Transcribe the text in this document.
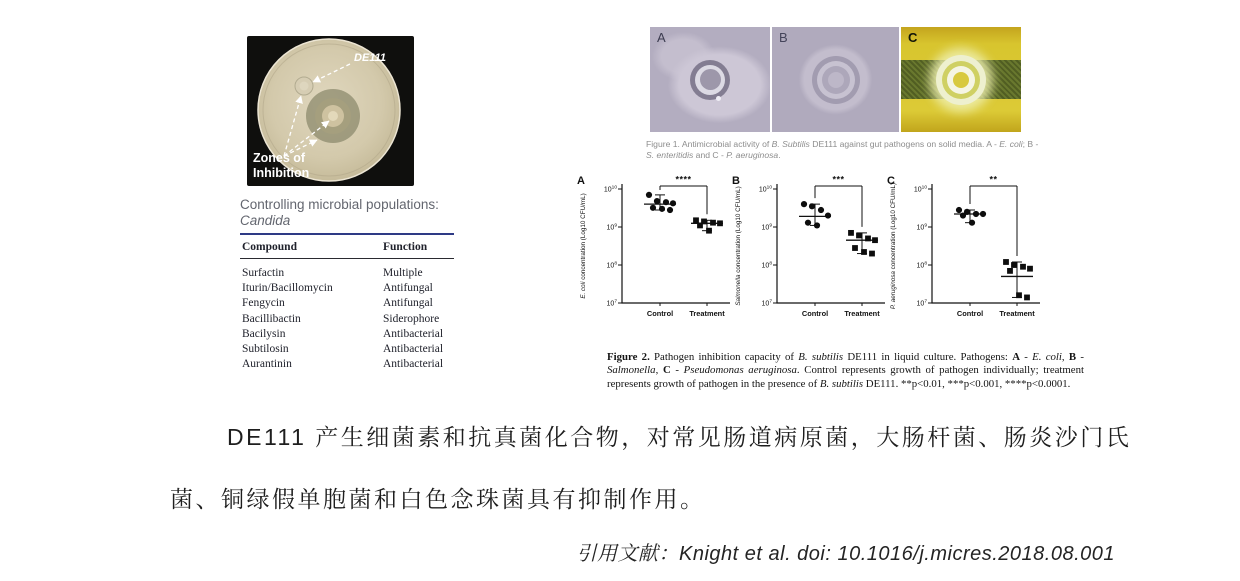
DE111
Zones of
Inhibition
Controlling microbial populations:
Candida
Compound	Function
Surfactin	Multiple
Iturin/Bacillomycin	Antifungal
Fengycin	Antifungal
Bacillibactin	Siderophore
Bacilysin	Antibacterial
Subtilosin	Antibacterial
Aurantinin	Antibacterial
A	B	C
Figure 1. Antimicrobial activity of B. Subtilis DE111 against gut pathogens on solid media. A - E. coli; B - S. enteritidis and C - P. aeruginosa.
$10^7$
$10^8$
$10^9$
$10^{10}$
E. coli concentration (Log10 CFU/mL)
A
Control Treatment
****
$10^7$
$10^8$
$10^9$
$10^{10}$
Salmonella concentration (Log10 CFU/mL)
B
Control Treatment
***
$10^7$
$10^8$
$10^9$
$10^{10}$
P. aeruginosa concentration (Log10 CFU/mL)
C
Control Treatment
**
Figure 2. Pathogen inhibition capacity of B. subtilis DE111 in liquid culture. Pathogens: A - E. coli, B - Salmonella, C - Pseudomonas aeruginosa. Control represents growth of pathogen individually; treatment represents growth of pathogen in the presence of B. subtilis DE111. **p<0.01, ***p<0.001, ****p<0.0001.
DE111 产生细菌素和抗真菌化合物，对常见肠道病原菌，大肠杆菌、肠炎沙门氏
菌、铜绿假单胞菌和白色念珠菌具有抑制作用。
引用文献：Knight et al. doi: 10.1016/j.micres.2018.08.001
